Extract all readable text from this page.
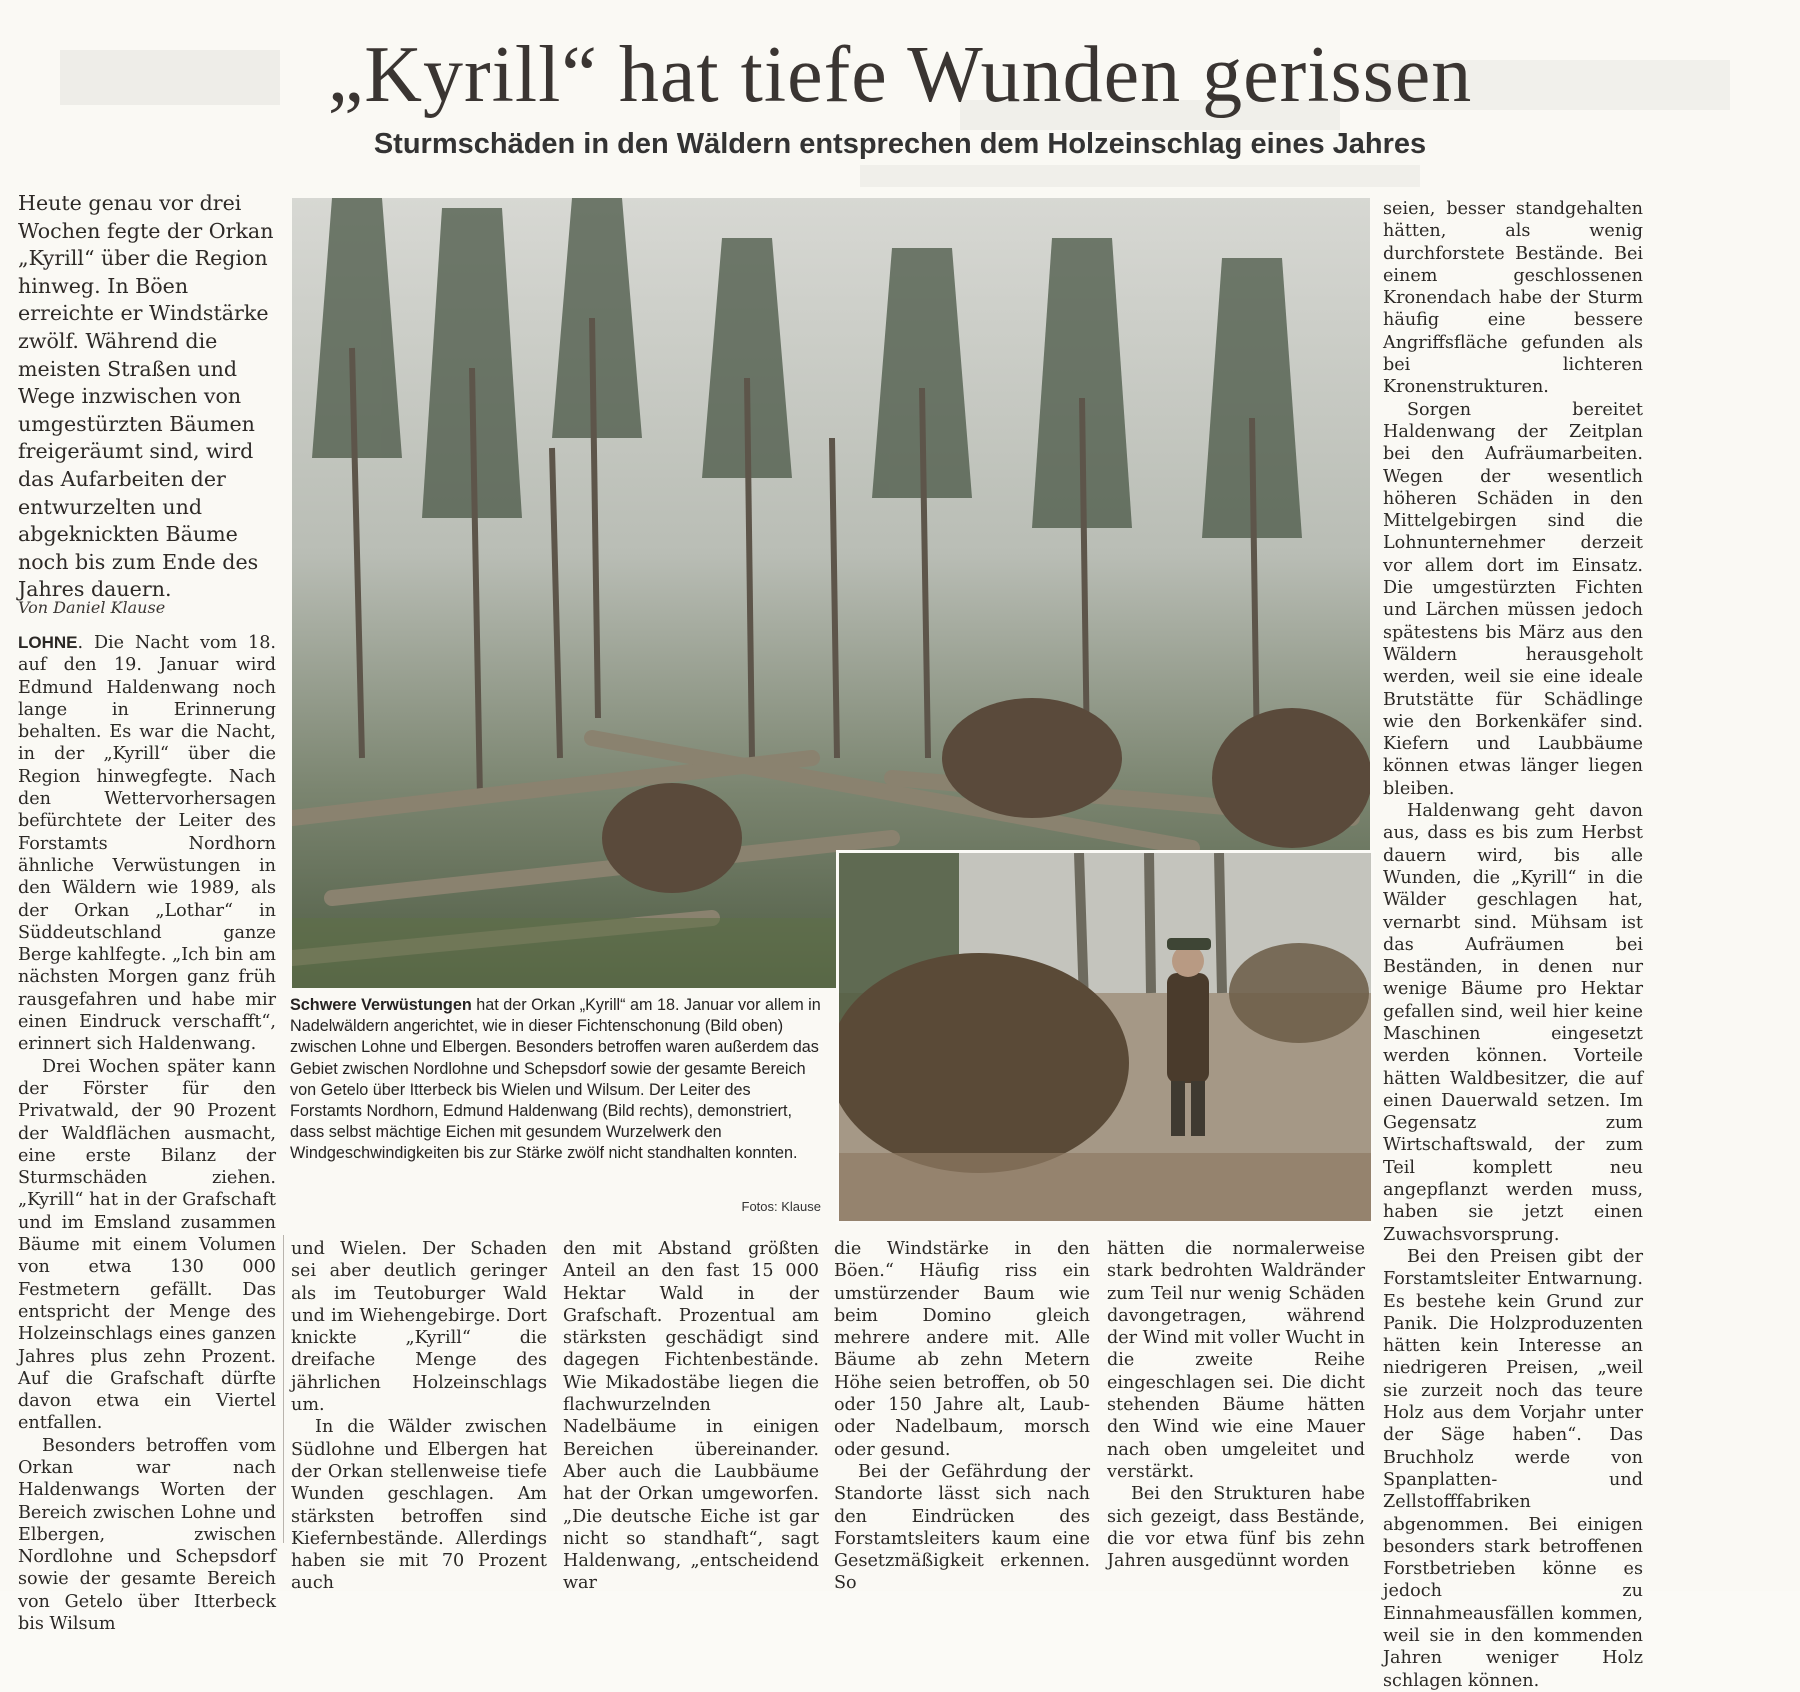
„Kyrill“ hat tiefe Wunden gerissen
Sturmschäden in den Wäldern entsprechen dem Holzeinschlag eines Jahres

Heute genau vor drei Wochen fegte der Orkan „Kyrill“ über die Region hinweg. In Böen erreichte er Windstärke zwölf. Während die meisten Straßen und Wege inzwischen von umgestürzten Bäumen freigeräumt sind, wird das Aufarbeiten der entwurzelten und abgeknickten Bäume noch bis zum Ende des Jahres dauern.

Von Daniel Klause

LOHNE. Die Nacht vom 18. auf den 19. Januar wird Edmund Haldenwang noch lange in Erinnerung behalten. Es war die Nacht, in der „Kyrill“ über die Region hinwegfegte. Nach den Wettervorhersagen befürchtete der Leiter des Forstamts Nordhorn ähnliche Verwüstungen in den Wäldern wie 1989, als der Orkan „Lothar“ in Süddeutschland ganze Berge kahlfegte. „Ich bin am nächsten Morgen ganz früh rausgefahren und habe mir einen Eindruck verschafft“, erinnert sich Haldenwang.

Drei Wochen später kann der Förster für den Privatwald, der 90 Prozent der Waldflächen ausmacht, eine erste Bilanz der Sturmschäden ziehen. „Kyrill“ hat in der Grafschaft und im Emsland zusammen Bäume mit einem Volumen von etwa 130 000 Festmetern gefällt. Das entspricht der Menge des Holzeinschlags eines ganzen Jahres plus zehn Prozent. Auf die Grafschaft dürfte davon etwa ein Viertel entfallen.

Besonders betroffen vom Orkan war nach Haldenwangs Worten der Bereich zwischen Lohne und Elbergen, zwischen Nordlohne und Schepsdorf sowie der gesamte Bereich von Getelo über Itterbeck bis Wilsum

Schwere Verwüstungen hat der Orkan „Kyrill“ am 18. Januar vor allem in Nadelwäldern angerichtet, wie in dieser Fichtenschonung (Bild oben) zwischen Lohne und Elbergen. Besonders betroffen waren außerdem das Gebiet zwischen Nordlohne und Schepsdorf sowie der gesamte Bereich von Getelo über Itterbeck bis Wielen und Wilsum. Der Leiter des Forstamts Nordhorn, Edmund Haldenwang (Bild rechts), demonstriert, dass selbst mächtige Eichen mit gesundem Wurzelwerk den Windgeschwindigkeiten bis zur Stärke zwölf nicht standhalten konnten.

Fotos: Klause

und Wielen. Der Schaden sei aber deutlich geringer als im Teutoburger Wald und im Wiehengebirge. Dort knickte „Kyrill“ die dreifache Menge des jährlichen Holzeinschlags um.

In die Wälder zwischen Südlohne und Elbergen hat der Orkan stellenweise tiefe Wunden geschlagen. Am stärksten betroffen sind Kiefernbestände. Allerdings haben sie mit 70 Prozent auch

den mit Abstand größten Anteil an den fast 15 000 Hektar Wald in der Grafschaft. Prozentual am stärksten geschädigt sind dagegen Fichtenbestände. Wie Mikadostäbe liegen die flachwurzelnden Nadelbäume in einigen Bereichen übereinander. Aber auch die Laubbäume hat der Orkan umgeworfen. „Die deutsche Eiche ist gar nicht so standhaft“, sagt Haldenwang, „entscheidend war

die Windstärke in den Böen.“ Häufig riss ein umstürzender Baum wie beim Domino gleich mehrere andere mit. Alle Bäume ab zehn Metern Höhe seien betroffen, ob 50 oder 150 Jahre alt, Laub- oder Nadelbaum, morsch oder gesund.

Bei der Gefährdung der Standorte lässt sich nach den Eindrücken des Forstamtsleiters kaum eine Gesetzmäßigkeit erkennen. So

hätten die normalerweise stark bedrohten Waldränder zum Teil nur wenig Schäden davongetragen, während der Wind mit voller Wucht in die zweite Reihe eingeschlagen sei. Die dicht stehenden Bäume hätten den Wind wie eine Mauer nach oben umgeleitet und verstärkt.

Bei den Strukturen habe sich gezeigt, dass Bestände, die vor etwa fünf bis zehn Jahren ausgedünnt worden

seien, besser standgehalten hätten, als wenig durchforstete Bestände. Bei einem geschlossenen Kronendach habe der Sturm häufig eine bessere Angriffsfläche gefunden als bei lichteren Kronenstrukturen.

Sorgen bereitet Haldenwang der Zeitplan bei den Aufräumarbeiten. Wegen der wesentlich höheren Schäden in den Mittelgebirgen sind die Lohnunternehmer derzeit vor allem dort im Einsatz. Die umgestürzten Fichten und Lärchen müssen jedoch spätestens bis März aus den Wäldern herausgeholt werden, weil sie eine ideale Brutstätte für Schädlinge wie den Borkenkäfer sind. Kiefern und Laubbäume können etwas länger liegen bleiben.

Haldenwang geht davon aus, dass es bis zum Herbst dauern wird, bis alle Wunden, die „Kyrill“ in die Wälder geschlagen hat, vernarbt sind. Mühsam ist das Aufräumen bei Beständen, in denen nur wenige Bäume pro Hektar gefallen sind, weil hier keine Maschinen eingesetzt werden können. Vorteile hätten Waldbesitzer, die auf einen Dauerwald setzen. Im Gegensatz zum Wirtschaftswald, der zum Teil komplett neu angepflanzt werden muss, haben sie jetzt einen Zuwachsvorsprung.

Bei den Preisen gibt der Forstamtsleiter Entwarnung. Es bestehe kein Grund zur Panik. Die Holzproduzenten hätten kein Interesse an niedrigeren Preisen, „weil sie zurzeit noch das teure Holz aus dem Vorjahr unter der Säge haben“. Das Bruchholz werde von Spanplatten- und Zellstofffabriken abgenommen. Bei einigen besonders stark betroffenen Forstbetrieben könne es jedoch zu Einnahmeausfällen kommen, weil sie in den kommenden Jahren weniger Holz schlagen können.
